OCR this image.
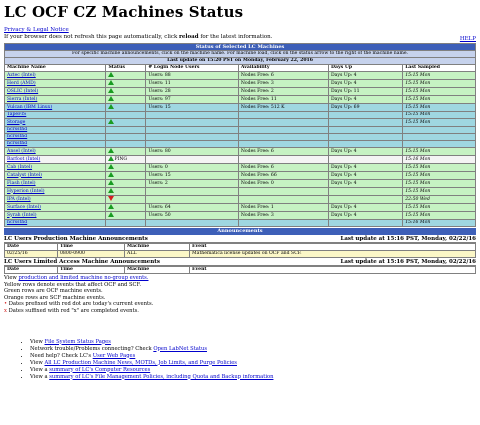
LC OCF CZ Machines Status
Privacy & Legal Notice
If your browser does not refresh this page automatically, click reload for the latest information.	HELP
Status of Selected LC Machines					
For specific machine announcements, click on the machine name. For machine load, click on the status arrow to the right of the machine name.					
Last update on 15:20 PST on Monday, February 22, 2016					
Machine Name	Status	# Login Node Users	Availability	Days Up	Last Sampled
Aztec (Intel)		Users: 88	Nodes Free: 6	Days Up: 4	15:15 Mon
Herd (AMD)		Users: 11	Nodes Free: 3	Days Up: 4	15:15 Mon
OSLIC (Intel)		Users: 28	Nodes Free: 2	Days Up: 11	15:15 Mon
Sierra (Intel)		Users: 97	Nodes Free: 11	Days Up: 4	15:15 Mon
Vulcan (IBM Linux)		Users: 15	Nodes Free: 512 K	Days Up: 69	15:15 Mon
TapeFIS					15:15 Mon
Storage					15:15 Mon
hcrssthd					
hcrssthd					
hcrssthd					
Ansel (Intel)		Users: 80	Nodes Free: 6	Days Up: 4	15:15 Mon
Barfoot (Intel)	PING				15:16 Mon
Cab (Intel)		Users: 0	Nodes Free: 6	Days Up: 4	15:15 Mon
Catalyst (Intel)		Users: 15	Nodes Free: 66	Days Up: 4	15:15 Mon
Flash (Intel)		Users: 2	Nodes Free: 0	Days Up: 4	15:15 Mon
Hyperion (Intel)					15:15 Mon
IPA (Intel)					22:50 Wed
Surface (Intel)		Users: 64	Nodes Free: 1	Days Up: 4	15:15 Mon
Syrah (Intel)		Users: 50	Nodes Free: 3	Days Up: 4	15:15 Mon
hcrssthd					15:16 Mon
Announcements
LC Users Production Machine Announcements	Last update at 15:16 PST, Monday, 02/22/16
Date	Time	Machine	Event
02/25/16	0800-0900	ALL	Mathematica license updates on OCF and SCF.
LC Users Limited Access Machine Announcements	Last update at 15:16 PST, Monday, 02/22/16
Date	Time	Machine	Event
View production and limited machine no-group events.
Yellow rows denote events that affect OCF and SCF.
Green rows are OCF machine events.
Orange rows are SCF machine events.
• Dates prefixed with red dot are today's current events.
x Dates suffixed with red "x" are completed events.
• View File System Status Pages
• Network trouble/Problems connecting? Check Open LabNet Status
• Need help? Check LC's User Web Pages
• View All LC Production Machine News, MOTDs, Job Limits, and Purge Policies
• View a summary of LC's Computer Resources
• View a summary of LC's File Management Policies, including Quota and Backup information
